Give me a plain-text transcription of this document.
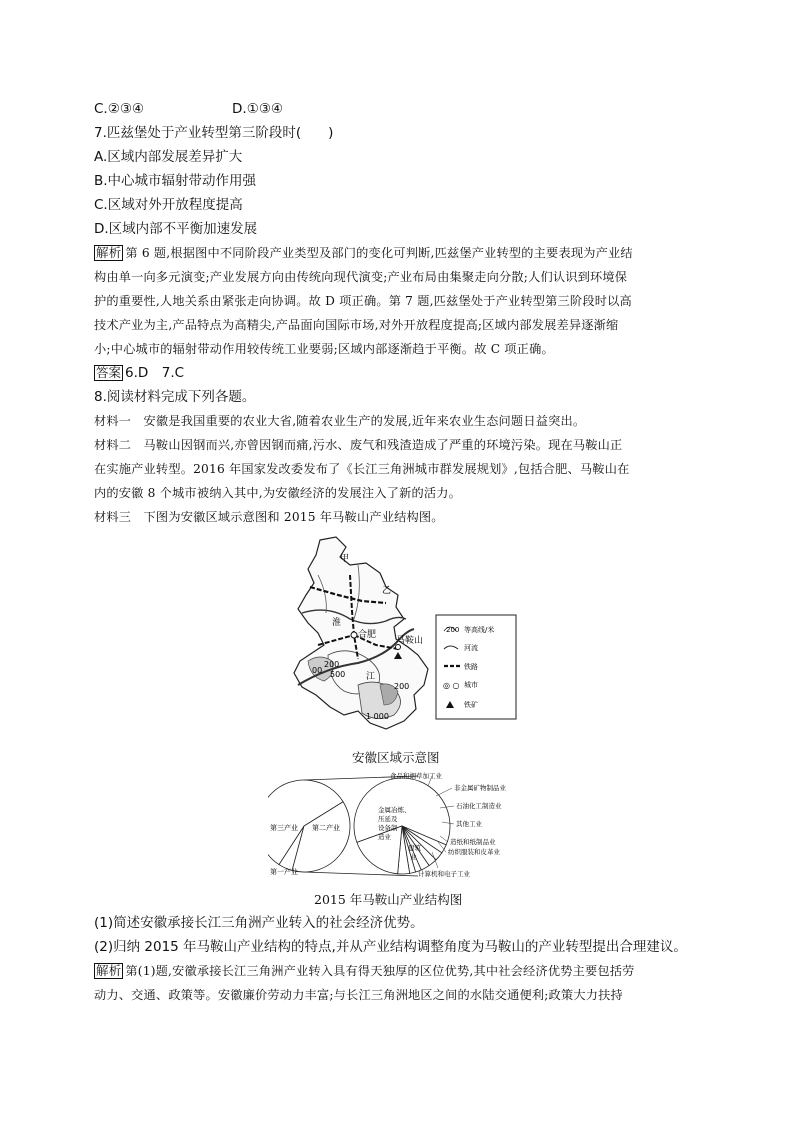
C.②③④	D.①③④
7.匹兹堡处于产业转型第三阶段时(　　)
A.区域内部发展差异扩大
B.中心城市辐射带动作用强
C.区域对外开放程度提高
D.区域内部不平衡加速发展
解析 第 6 题,根据图中不同阶段产业类型及部门的变化可判断,匹兹堡产业转型的主要表现为产业结
构由单一向多元演变;产业发展方向由传统向现代演变;产业布局由集聚走向分散;人们认识到环境保
护的重要性,人地关系由紧张走向协调。故 D 项正确。第 7 题,匹兹堡处于产业转型第三阶段时以高
技术产业为主,产品特点为高精尖,产品面向国际市场,对外开放程度提高;区域内部发展差异逐渐缩
小;中心城市的辐射带动作用较传统工业要弱;区域内部逐渐趋于平衡。故 C 项正确。
答案 6.D　7.C
8.阅读材料完成下列各题。
材料一　安徽是我国重要的农业大省,随着农业生产的发展,近年来农业生态问题日益突出。
材料二　马鞍山因钢而兴,亦曾因钢而痛,污水、废气和残渣造成了严重的环境污染。现在马鞍山正
在实施产业转型。2016 年国家发改委发布了《长江三角洲城市群发展规划》,包括合肥、马鞍山在
内的安徽 8 个城市被纳入其中,为安徽经济的发展注入了新的活力。
材料三　下图为安徽区域示意图和 2015 年马鞍山产业结构图。
甲
乙
淮
合肥
马鞍山
江
200
00 500
200
1 000
200 等高线/米
河流
铁路
◎ ○ 城市
铁矿
安徽区域示意图
第三产业 第二产业
第一产业
金属冶炼、
压延及
设备制
造业
建筑
业
食品和烟草加工业
非金属矿物制品业
石油化工制造业
其他工业
造纸和纸制品业
纺织服装和皮革业
计算机和电子工业
2015 年马鞍山产业结构图
(1)简述安徽承接长江三角洲产业转入的社会经济优势。
(2)归纳 2015 年马鞍山产业结构的特点,并从产业结构调整角度为马鞍山的产业转型提出合理建议。
解析 第(1)题,安徽承接长江三角洲产业转入具有得天独厚的区位优势,其中社会经济优势主要包括劳
动力、交通、政策等。安徽廉价劳动力丰富;与长江三角洲地区之间的水陆交通便利;政策大力扶持
